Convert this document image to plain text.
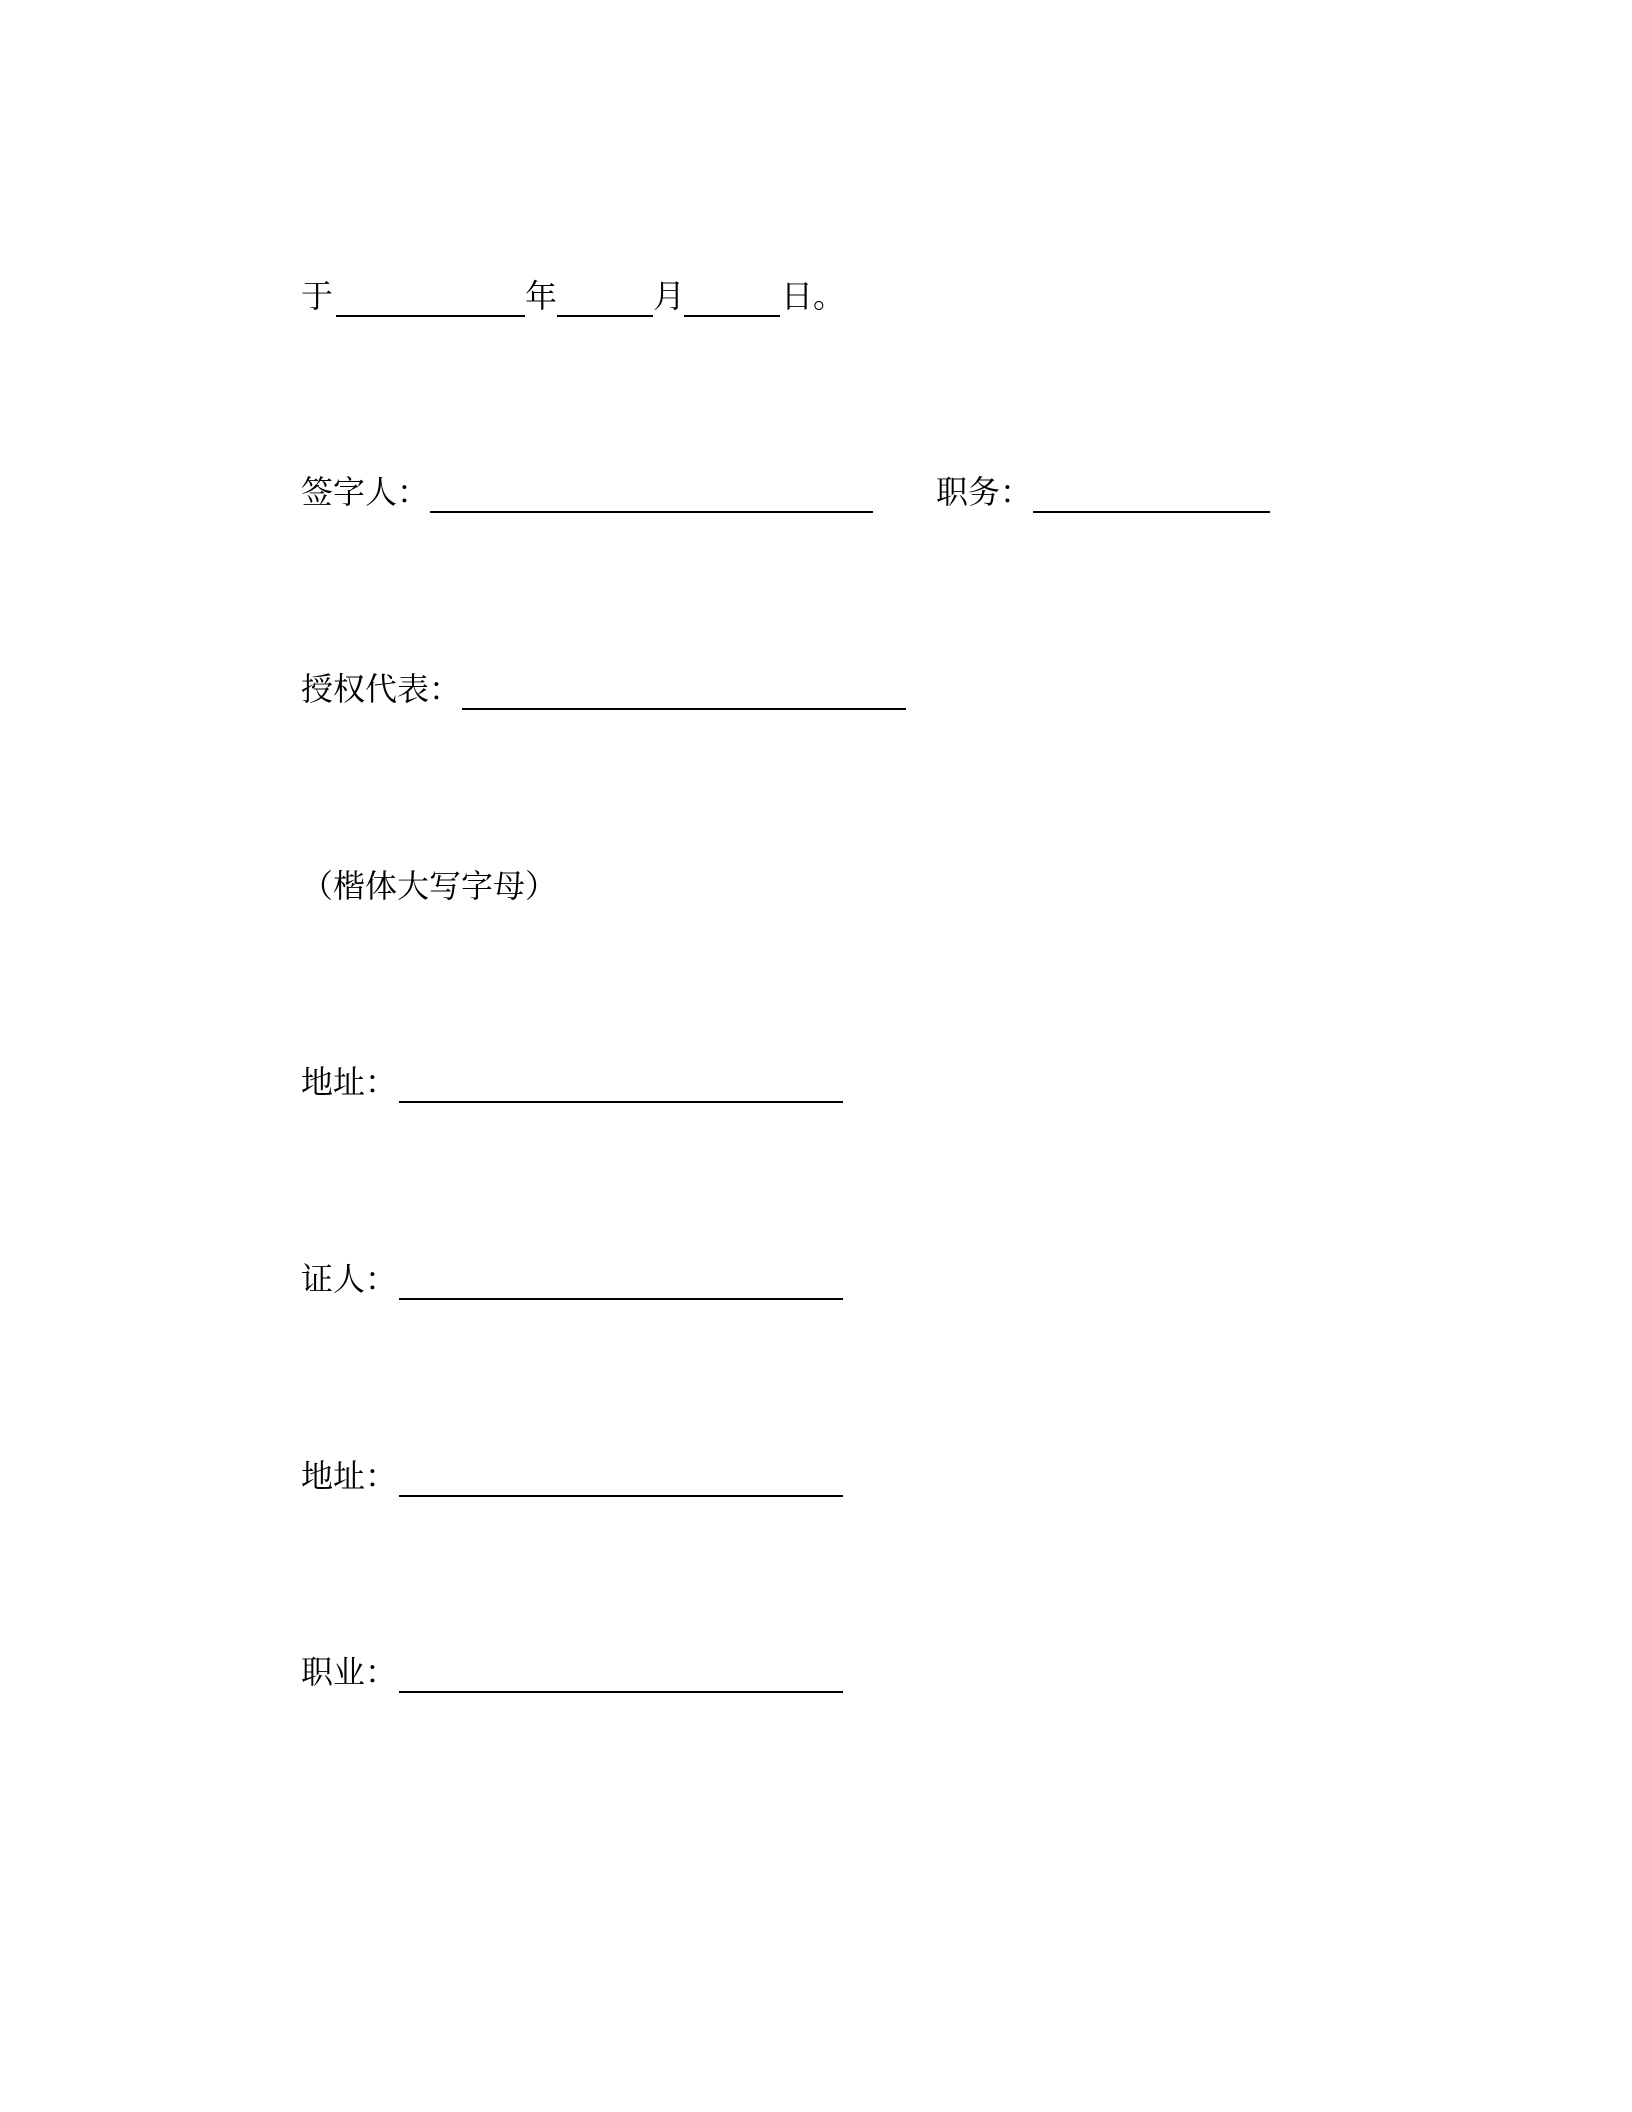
于	年	月	日。
签字人：	职务：
授权代表：
（楷体大写字母）
地址：
证人：
地址：
职业：
